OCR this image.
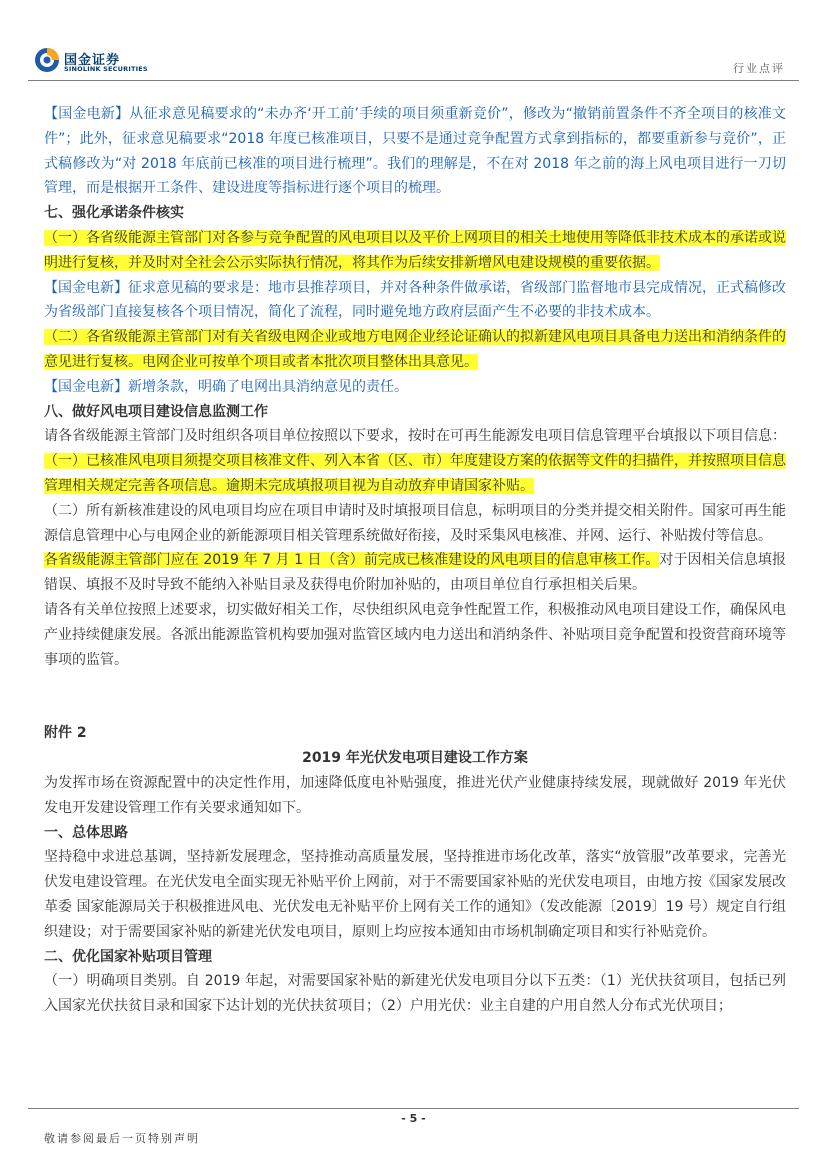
国金证券
SINOLINK SECURITIES	行业点评

【国金电新】从征求意见稿要求的“未办齐‘开工前’手续的项目须重新竞价”，修改为“撤销前置条件不齐全项目的核准文件”；此外，征求意见稿要求“2018 年度已核准项目，只要不是通过竞争配置方式拿到指标的，都要重新参与竞价”，正式稿修改为“对 2018 年底前已核准的项目进行梳理”。我们的理解是，不在对 2018 年之前的海上风电项目进行一刀切管理，而是根据开工条件、建设进度等指标进行逐个项目的梳理。

七、强化承诺条件核实

（一）各省级能源主管部门对各参与竞争配置的风电项目以及平价上网项目的相关土地使用等降低非技术成本的承诺或说明进行复核，并及时对全社会公示实际执行情况，将其作为后续安排新增风电建设规模的重要依据。

【国金电新】征求意见稿的要求是：地市县推荐项目，并对各种条件做承诺，省级部门监督地市县完成情况，正式稿修改为省级部门直接复核各个项目情况，简化了流程，同时避免地方政府层面产生不必要的非技术成本。

（二）各省级能源主管部门对有关省级电网企业或地方电网企业经论证确认的拟新建风电项目具备电力送出和消纳条件的意见进行复核。电网企业可按单个项目或者本批次项目整体出具意见。

【国金电新】新增条款，明确了电网出具消纳意见的责任。

八、做好风电项目建设信息监测工作

请各省级能源主管部门及时组织各项目单位按照以下要求，按时在可再生能源发电项目信息管理平台填报以下项目信息：

（一）已核准风电项目须提交项目核准文件、列入本省（区、市）年度建设方案的依据等文件的扫描件，并按照项目信息管理相关规定完善各项信息。逾期未完成填报项目视为自动放弃申请国家补贴。

（二）所有新核准建设的风电项目均应在项目申请时及时填报项目信息，标明项目的分类并提交相关附件。国家可再生能源信息管理中心与电网企业的新能源项目相关管理系统做好衔接，及时采集风电核准、并网、运行、补贴拨付等信息。

各省级能源主管部门应在 2019 年 7 月 1 日（含）前完成已核准建设的风电项目的信息审核工作。对于因相关信息填报错误、填报不及时导致不能纳入补贴目录及获得电价附加补贴的，由项目单位自行承担相关后果。

请各有关单位按照上述要求，切实做好相关工作，尽快组织风电竞争性配置工作，积极推动风电项目建设工作，确保风电产业持续健康发展。各派出能源监管机构要加强对监管区域内电力送出和消纳条件、补贴项目竞争配置和投资营商环境等事项的监管。

附件 2

2019 年光伏发电项目建设工作方案

为发挥市场在资源配置中的决定性作用，加速降低度电补贴强度，推进光伏产业健康持续发展，现就做好 2019 年光伏发电开发建设管理工作有关要求通知如下。

一、总体思路

坚持稳中求进总基调，坚持新发展理念，坚持推动高质量发展，坚持推进市场化改革，落实“放管服”改革要求，完善光伏发电建设管理。在光伏发电全面实现无补贴平价上网前，对于不需要国家补贴的光伏发电项目，由地方按《国家发展改革委 国家能源局关于积极推进风电、光伏发电无补贴平价上网有关工作的通知》（发改能源〔2019〕19 号）规定自行组织建设；对于需要国家补贴的新建光伏发电项目，原则上均应按本通知由市场机制确定项目和实行补贴竞价。

二、优化国家补贴项目管理

（一）明确项目类别。自 2019 年起，对需要国家补贴的新建光伏发电项目分以下五类：（1）光伏扶贫项目，包括已列入国家光伏扶贫目录和国家下达计划的光伏扶贫项目；（2）户用光伏：业主自建的户用自然人分布式光伏项目；

- 5 -
敬请参阅最后一页特别声明
